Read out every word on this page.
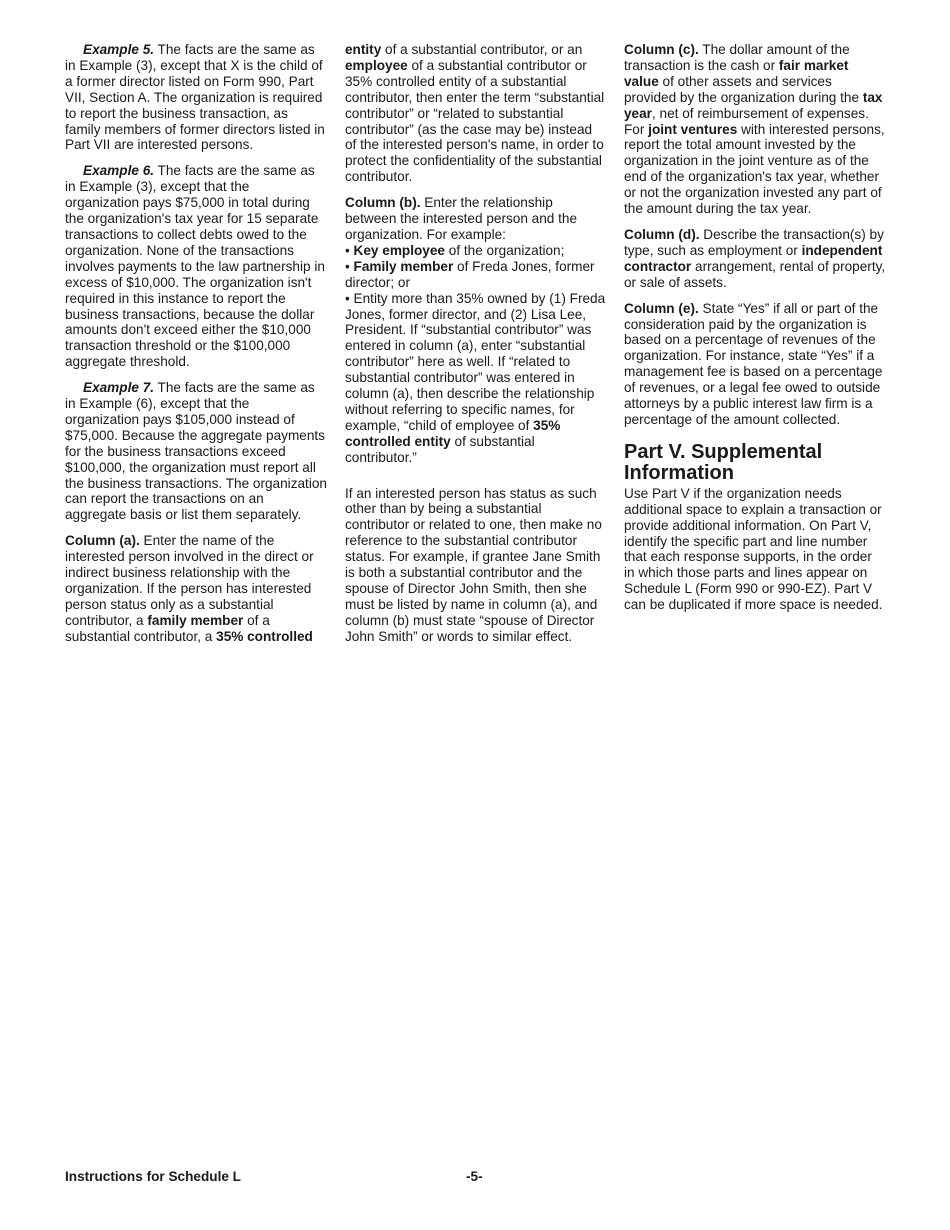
Example 5. The facts are the same as in Example (3), except that X is the child of a former director listed on Form 990, Part VII, Section A. The organization is required to report the business transaction, as family members of former directors listed in Part VII are interested persons.

Example 6. The facts are the same as in Example (3), except that the organization pays $75,000 in total during the organization's tax year for 15 separate transactions to collect debts owed to the organization. None of the transactions involves payments to the law partnership in excess of $10,000. The organization isn't required in this instance to report the business transactions, because the dollar amounts don't exceed either the $10,000 transaction threshold or the $100,000 aggregate threshold.

Example 7. The facts are the same as in Example (6), except that the organization pays $105,000 instead of $75,000. Because the aggregate payments for the business transactions exceed $100,000, the organization must report all the business transactions. The organization can report the transactions on an aggregate basis or list them separately.

Column (a). Enter the name of the interested person involved in the direct or indirect business relationship with the organization. If the person has interested person status only as a substantial contributor, a family member of a substantial contributor, a 35% controlled

entity of a substantial contributor, or an employee of a substantial contributor or 35% controlled entity of a substantial contributor, then enter the term “substantial contributor” or “related to substantial contributor” (as the case may be) instead of the interested person's name, in order to protect the confidentiality of the substantial contributor.

Column (b). Enter the relationship between the interested person and the organization. For example:

• Key employee of the organization;

• Family member of Freda Jones, former director; or

• Entity more than 35% owned by (1) Freda Jones, former director, and (2) Lisa Lee, President. If “substantial contributor” was entered in column (a), enter “substantial contributor” here as well. If “related to substantial contributor” was entered in column (a), then describe the relationship without referring to specific names, for example, “child of employee of 35% controlled entity of substantial contributor.”

If an interested person has status as such other than by being a substantial contributor or related to one, then make no reference to the substantial contributor status. For example, if grantee Jane Smith is both a substantial contributor and the spouse of Director John Smith, then she must be listed by name in column (a), and column (b) must state “spouse of Director John Smith” or words to similar effect.

Column (c). The dollar amount of the transaction is the cash or fair market value of other assets and services provided by the organization during the tax year, net of reimbursement of expenses. For joint ventures with interested persons, report the total amount invested by the organization in the joint venture as of the end of the organization's tax year, whether or not the organization invested any part of the amount during the tax year.

Column (d). Describe the transaction(s) by type, such as employment or independent contractor arrangement, rental of property, or sale of assets.

Column (e). State “Yes” if all or part of the consideration paid by the organization is based on a percentage of revenues of the organization. For instance, state “Yes” if a management fee is based on a percentage of revenues, or a legal fee owed to outside attorneys by a public interest law firm is a percentage of the amount collected.

Part V. Supplemental Information

Use Part V if the organization needs additional space to explain a transaction or provide additional information. On Part V, identify the specific part and line number that each response supports, in the order in which those parts and lines appear on Schedule L (Form 990 or 990-EZ). Part V can be duplicated if more space is needed.

Instructions for Schedule L	-5-
